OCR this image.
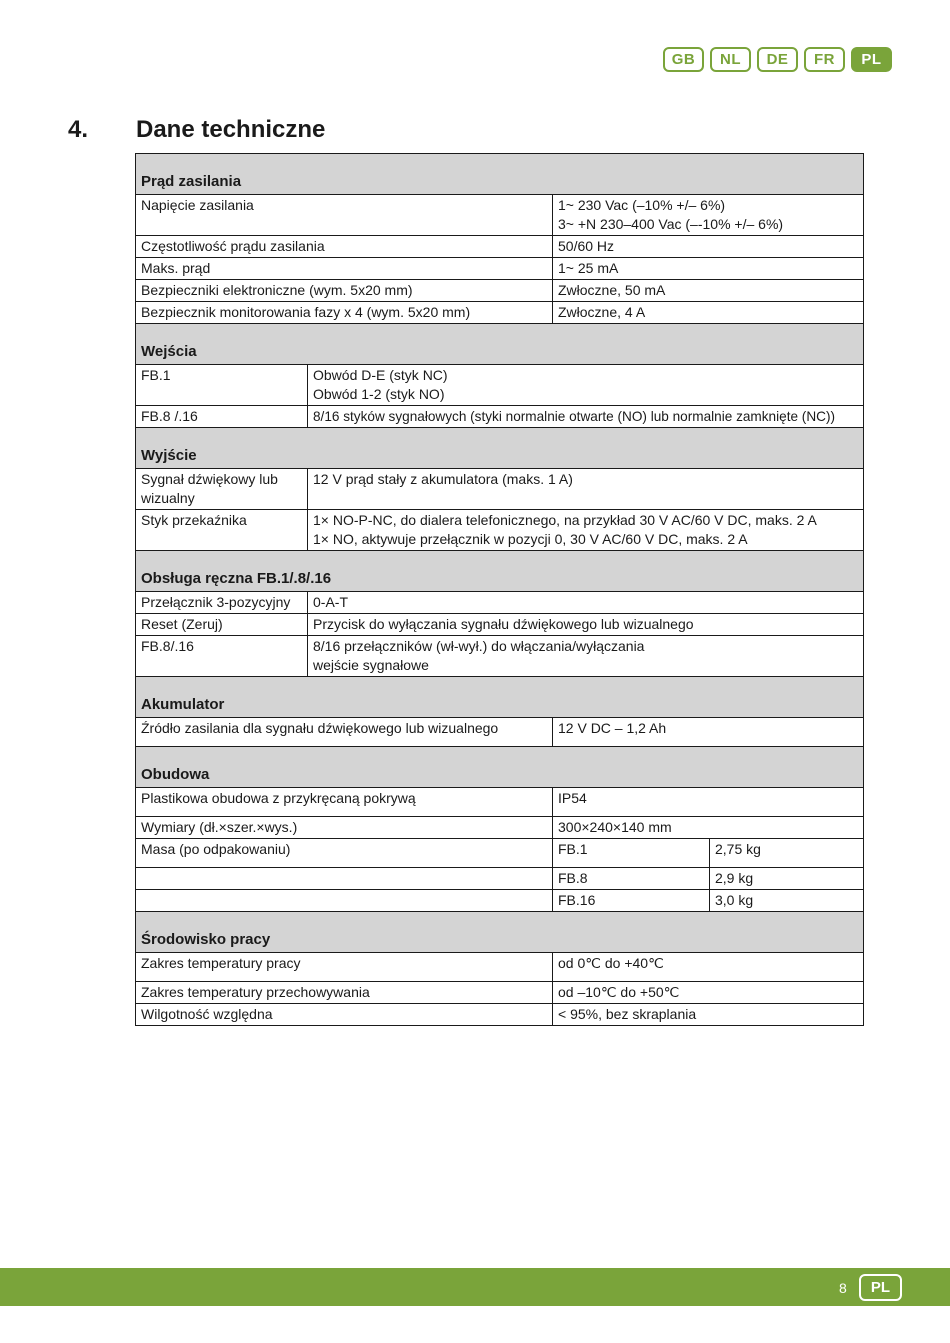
GB	NL	DE	FR	PL
4.	Dane techniczne
Prąd zasilania			
Napięcie zasilania		1~ 230 Vac (–10% +/– 6%)
3~ +N 230–400 Vac (–-10% +/– 6%)	

Częstotliwość prądu zasilania		50/60 Hz	
Maks. prąd		1~ 25 mA	
Bezpieczniki elektroniczne (wym. 5x20 mm)		Zwłoczne, 50 mA	
Bezpiecznik monitorowania fazy x 4 (wym. 5x20 mm)		Zwłoczne, 4 A	
Wejścia			
FB.1	Obwód D-E (styk NC)
Obwód 1-2 (styk NO)		

FB.8 /.16	8/16 styków sygnałowych (styki normalnie otwarte (NO) lub normalnie zamknięte (NC))		
Wyjście			

Sygnał dźwiękowy lub
wizualny	12 V prąd stały z akumulatora (maks. 1 A)		
Styk przekaźnika	1× NO-P-NC, do dialera telefonicznego, na przykład 30 V AC/60 V DC, maks. 2 A
1× NO, aktywuje przełącznik w pozycji 0, 30 V AC/60 V DC, maks. 2 A		

Obsługa ręczna FB.1/.8/.16			
Przełącznik 3-pozycyjny	0-A-T		
Reset (Zeruj)	Przycisk do wyłączania sygnału dźwiękowego lub wizualnego		
FB.8/.16	8/16 przełączników (wł-wył.) do włączania/wyłączania
wejście sygnałowe		

Akumulator			
Źródło zasilania dla sygnału dźwiękowego lub wizualnego		12 V DC – 1,2 Ah	
Obudowa			
Plastikowa obudowa z przykręcaną pokrywą		IP54	
Wymiary (dł.×szer.×wys.)		300×240×140 mm	
Masa (po odpakowaniu)		FB.1	2,75 kg
		FB.8	2,9 kg
		FB.16	3,0 kg
Środowisko pracy			
Zakres temperatury pracy		od 0℃ do +40℃	
Zakres temperatury przechowywania		od –10℃ do +50℃	
Wilgotność względna		< 95%, bez skraplania	
8	PL
